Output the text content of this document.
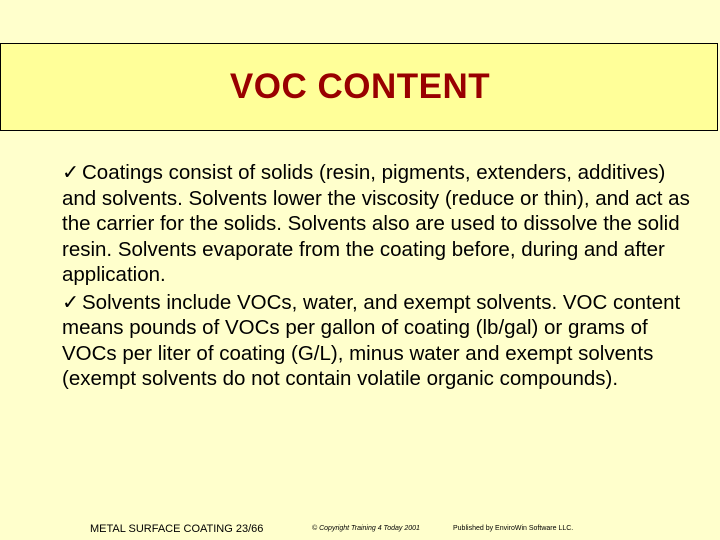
VOC CONTENT
✓ Coatings consist of solids (resin, pigments, extenders, additives) and solvents. Solvents lower the viscosity (reduce or thin), and act as the carrier for the solids. Solvents also are used to dissolve the solid resin. Solvents evaporate from the coating before, during and after application.
✓ Solvents include VOCs, water, and exempt solvents. VOC content means pounds of VOCs per gallon of coating (lb/gal) or grams of VOCs per liter of coating (G/L), minus water and exempt solvents (exempt solvents do not contain volatile organic compounds).
METAL SURFACE COATING 23/66	© Copyright Training 4 Today 2001	Published by EnviroWin Software LLC.
